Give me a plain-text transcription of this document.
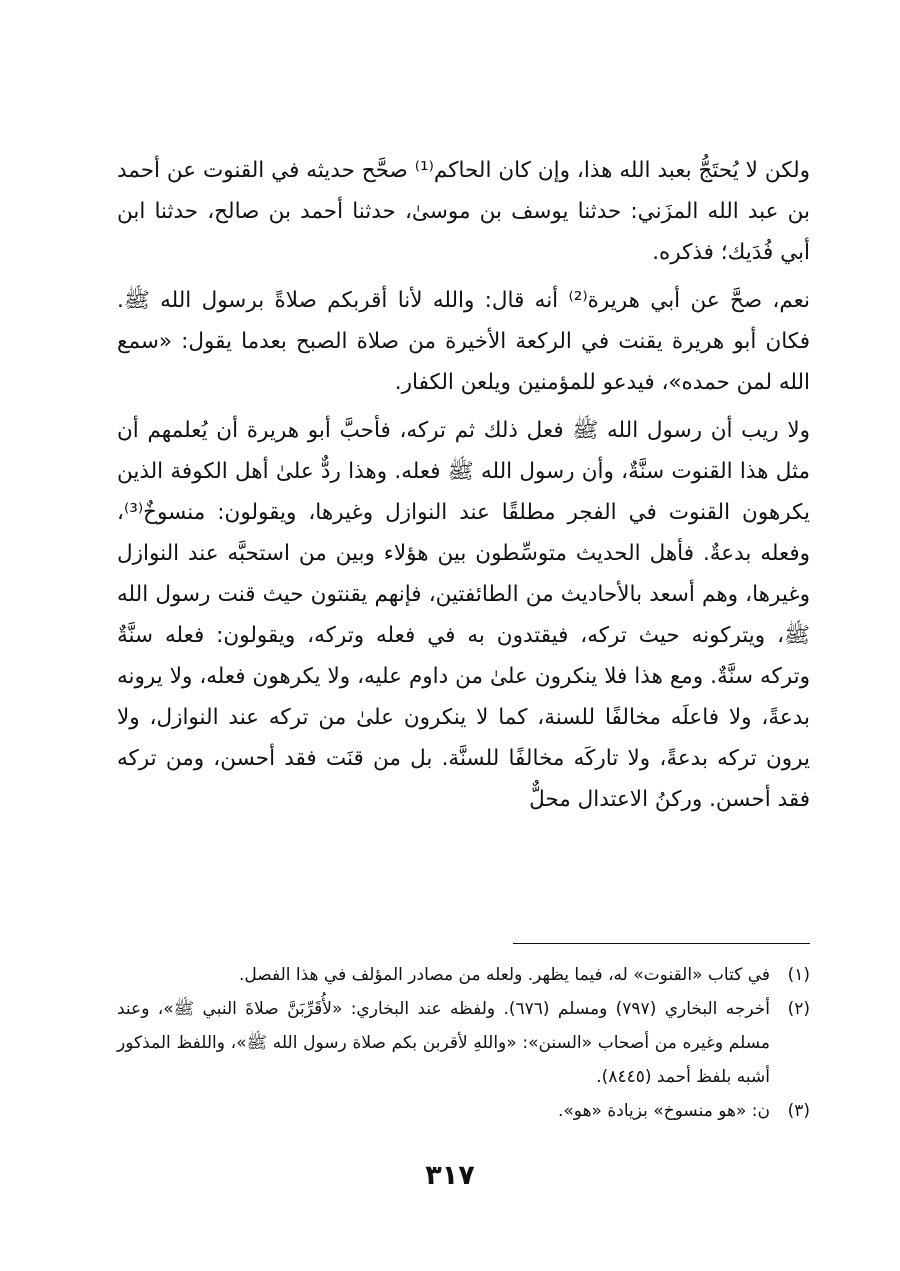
ولكن لا يُحتَجُّ بعبد الله هذا، وإن كان الحاكم⁽¹⁾ صحَّح حديثه في القنوت عن أحمد بن عبد الله المزَني: حدثنا يوسف بن موسىٰ، حدثنا أحمد بن صالح، حدثنا ابن أبي فُدَيك؛ فذكره.

نعم، صحَّ عن أبي هريرة⁽²⁾ أنه قال: والله لأنا أقربكم صلاةً برسول الله ﷺ. فكان أبو هريرة يقنت في الركعة الأخيرة من صلاة الصبح بعدما يقول: «سمع الله لمن حمده»، فيدعو للمؤمنين ويلعن الكفار.

ولا ريب أن رسول الله ﷺ فعل ذلك ثم تركه، فأحبَّ أبو هريرة أن يُعلمهم أن مثل هذا القنوت سنَّةٌ، وأن رسول الله ﷺ فعله. وهذا ردٌّ علىٰ أهل الكوفة الذين يكرهون القنوت في الفجر مطلقًا عند النوازل وغيرها، ويقولون: منسوخٌ⁽³⁾، وفعله بدعةٌ. فأهل الحديث متوسِّطون بين هؤلاء وبين من استحبَّه عند النوازل وغيرها، وهم أسعد بالأحاديث من الطائفتين، فإنهم يقنتون حيث قنت رسول الله ﷺ، ويتركونه حيث تركه، فيقتدون به في فعله وتركه، ويقولون: فعله سنَّةٌ وتركه سنَّةٌ. ومع هذا فلا ينكرون علىٰ من داوم عليه، ولا يكرهون فعله، ولا يرونه بدعةً، ولا فاعلَه مخالفًا للسنة، كما لا ينكرون علىٰ من تركه عند النوازل، ولا يرون تركه بدعةً، ولا تاركَه مخالفًا للسنَّة. بل من قنَت فقد أحسن، ومن تركه فقد أحسن. وركنُ الاعتدال محلٌّ

(١)
في كتاب «القنوت» له، فيما يظهر. ولعله من مصادر المؤلف في هذا الفصل.
(٢)
أخرجه البخاري (٧٩٧) ومسلم (٦٧٦). ولفظه عند البخاري: «لأُقَرِّبَنَّ صلاةَ النبي ﷺ»، وعند مسلم وغيره من أصحاب «السنن»: «واللهِ لأقربن بكم صلاة رسول الله ﷺ»، واللفظ المذكور أشبه بلفظ أحمد (٨٤٤٥).
(٣)
ن: «هو منسوخ» بزيادة «هو».
٣١٧
